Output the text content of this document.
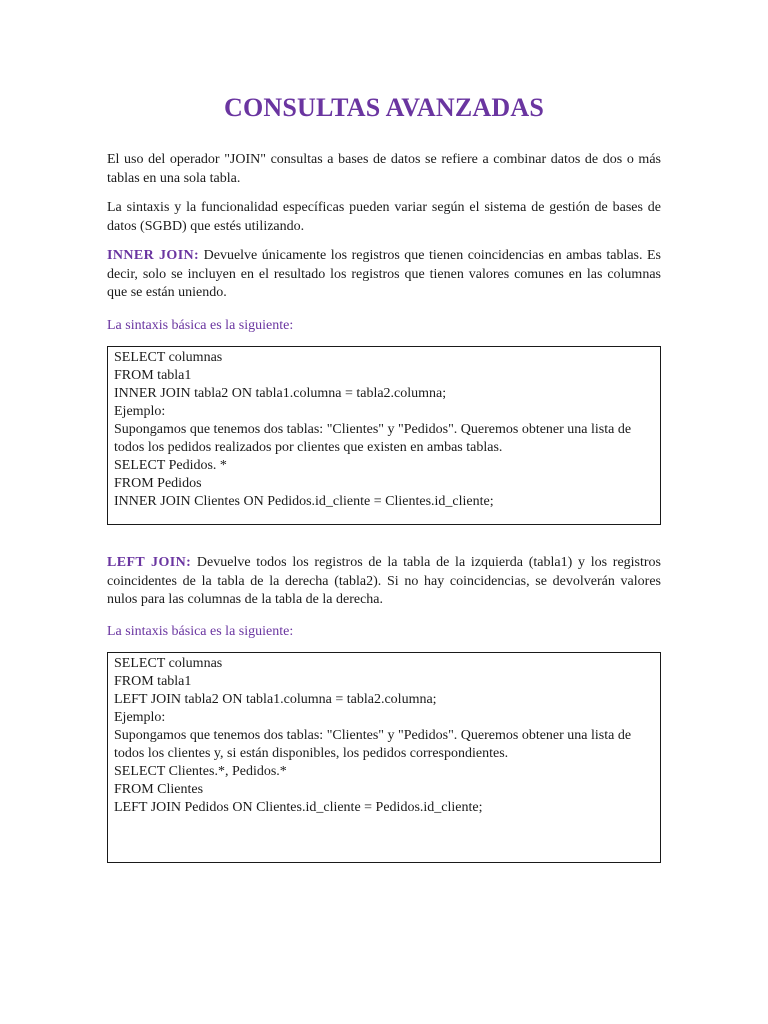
CONSULTAS AVANZADAS

El uso del operador "JOIN" consultas a bases de datos se refiere a combinar datos de dos o más tablas en una sola tabla.

La sintaxis y la funcionalidad específicas pueden variar según el sistema de gestión de bases de datos (SGBD) que estés utilizando.

INNER JOIN: Devuelve únicamente los registros que tienen coincidencias en ambas tablas. Es decir, solo se incluyen en el resultado los registros que tienen valores comunes en las columnas que se están uniendo.

La sintaxis básica es la siguiente:

SELECT columnas
FROM tabla1
INNER JOIN tabla2 ON tabla1.columna = tabla2.columna;
Ejemplo:
Supongamos que tenemos dos tablas: "Clientes" y "Pedidos". Queremos obtener una lista de todos los pedidos realizados por clientes que existen en ambas tablas.
SELECT Pedidos. *
FROM Pedidos
INNER JOIN Clientes ON Pedidos.id_cliente = Clientes.id_cliente;

LEFT JOIN: Devuelve todos los registros de la tabla de la izquierda (tabla1) y los registros coincidentes de la tabla de la derecha (tabla2). Si no hay coincidencias, se devolverán valores nulos para las columnas de la tabla de la derecha.

La sintaxis básica es la siguiente:

SELECT columnas
FROM tabla1
LEFT JOIN tabla2 ON tabla1.columna = tabla2.columna;
Ejemplo:
Supongamos que tenemos dos tablas: "Clientes" y "Pedidos". Queremos obtener una lista de todos los clientes y, si están disponibles, los pedidos correspondientes.
SELECT Clientes.*, Pedidos.*
FROM Clientes
LEFT JOIN Pedidos ON Clientes.id_cliente = Pedidos.id_cliente;
